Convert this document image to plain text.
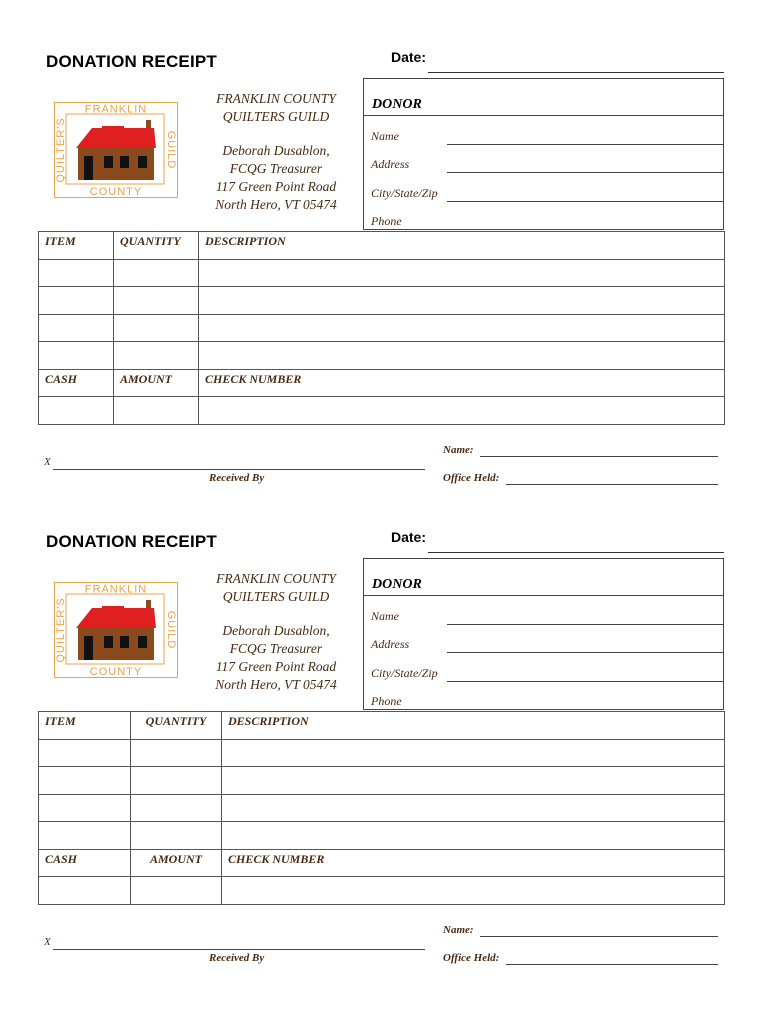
DONATION RECEIPT	Date:
FRANKLIN
COUNTY
QUILTER'S	GUILD
FRANKLIN COUNTY
QUILTERS GUILD
Deborah Dusablon,
FCQG Treasurer
117 Green Point Road
North Hero, VT 05474
DONOR
Name
Address
City/State/Zip
Phone
ITEM	QUANTITY	DESCRIPTION

CASH	AMOUNT	CHECK NUMBER

X
Received By
Name:
Office Held:
DONATION RECEIPT	Date:
FRANKLIN
COUNTY
QUILTER'S	GUILD
FRANKLIN COUNTY
QUILTERS GUILD
Deborah Dusablon,
FCQG Treasurer
117 Green Point Road
North Hero, VT 05474
DONOR
Name
Address
City/State/Zip
Phone
ITEM	QUANTITY	DESCRIPTION

CASH	AMOUNT	CHECK NUMBER

X
Received By
Name:
Office Held:
